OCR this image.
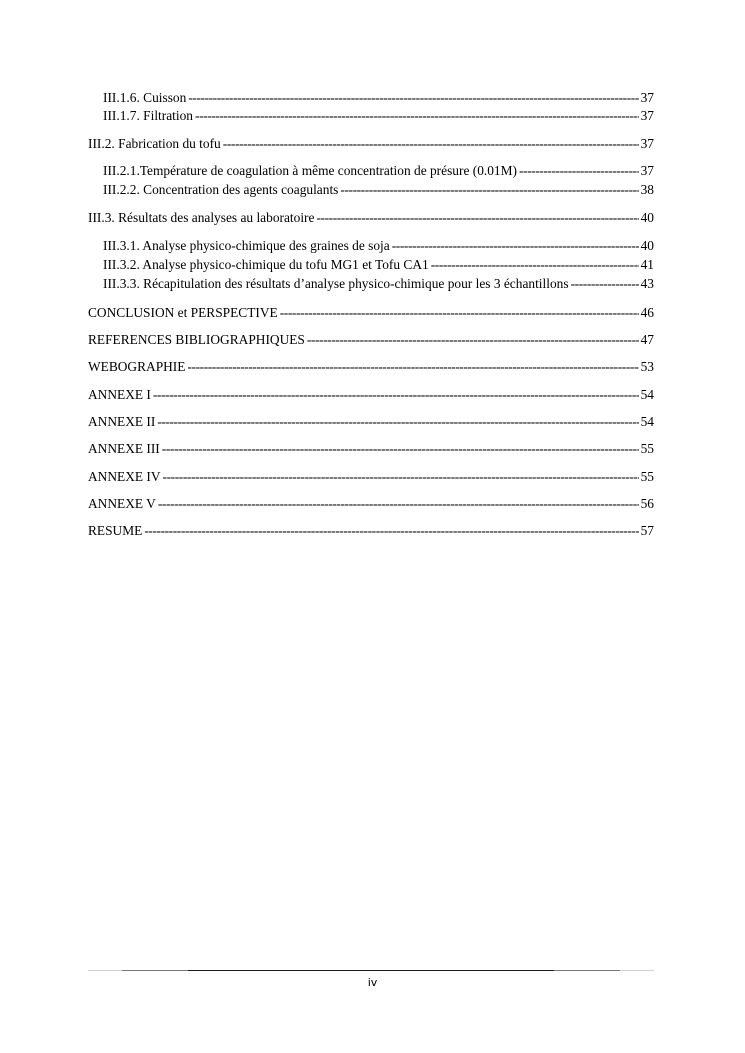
III.1.6. Cuisson -----	37
III.1.7. Filtration -----	37
III.2. Fabrication du tofu -----	37
III.2.1.Température de coagulation à même concentration de présure (0.01M) -----	37
III.2.2. Concentration des agents coagulants -----	38
III.3. Résultats des analyses au laboratoire -----	40
III.3.1. Analyse physico-chimique des graines de soja -----	40
III.3.2. Analyse physico-chimique du tofu MG1 et Tofu CA1 -----	41
III.3.3. Récapitulation des résultats d’analyse physico-chimique pour les 3 échantillons -----	43
CONCLUSION et PERSPECTIVE -----	46
REFERENCES BIBLIOGRAPHIQUES -----	47
WEBOGRAPHIE -----	53
ANNEXE I -----	54
ANNEXE II -----	54
ANNEXE III -----	55
ANNEXE IV -----	55
ANNEXE V -----	56
RESUME -----	57
iv
